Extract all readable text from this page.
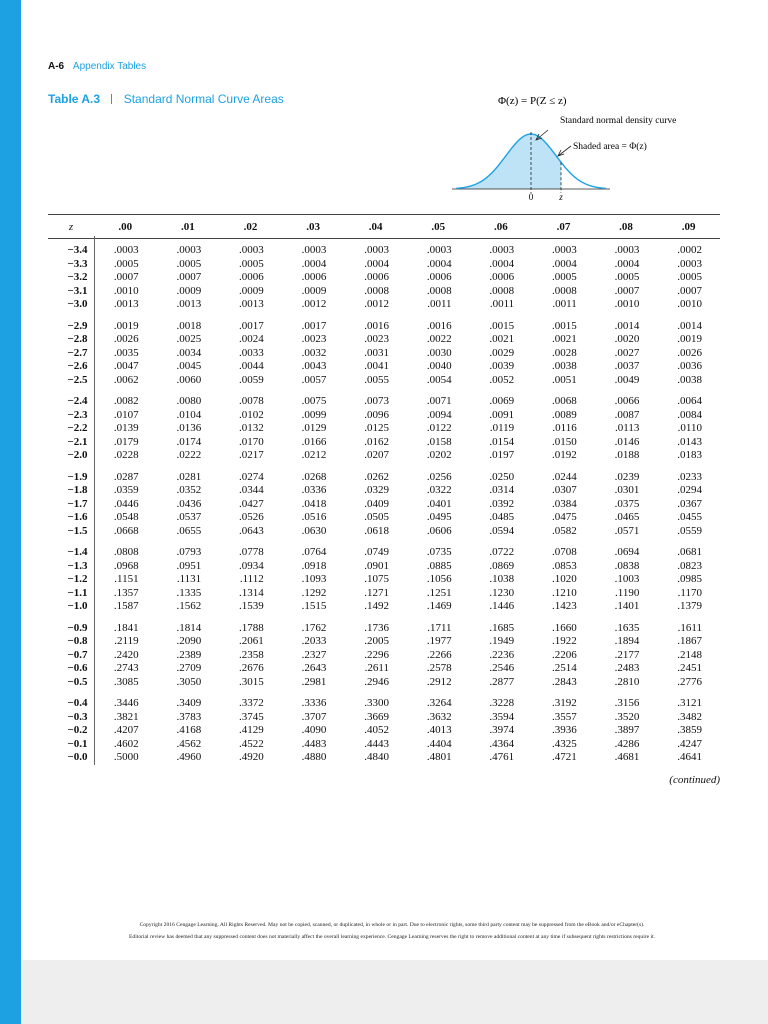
A-6 Appendix Tables
Table A.3 Standard Normal Curve Areas	Φ(z) = P(Z ≤ z)
Standard normal density curve
Shaded area = Φ(z)
0	z
z	.00	.01	.02	.03	.04	.05	.06	.07	.08	.09

−3.4	.0003	.0003	.0003	.0003	.0003	.0003	.0003	.0003	.0003	.0002
−3.3	.0005	.0005	.0005	.0004	.0004	.0004	.0004	.0004	.0004	.0003
−3.2	.0007	.0007	.0006	.0006	.0006	.0006	.0006	.0005	.0005	.0005
−3.1	.0010	.0009	.0009	.0009	.0008	.0008	.0008	.0008	.0007	.0007
−3.0	.0013	.0013	.0013	.0012	.0012	.0011	.0011	.0011	.0010	.0010

−2.9	.0019	.0018	.0017	.0017	.0016	.0016	.0015	.0015	.0014	.0014
−2.8	.0026	.0025	.0024	.0023	.0023	.0022	.0021	.0021	.0020	.0019
−2.7	.0035	.0034	.0033	.0032	.0031	.0030	.0029	.0028	.0027	.0026
−2.6	.0047	.0045	.0044	.0043	.0041	.0040	.0039	.0038	.0037	.0036
−2.5	.0062	.0060	.0059	.0057	.0055	.0054	.0052	.0051	.0049	.0038

−2.4	.0082	.0080	.0078	.0075	.0073	.0071	.0069	.0068	.0066	.0064
−2.3	.0107	.0104	.0102	.0099	.0096	.0094	.0091	.0089	.0087	.0084
−2.2	.0139	.0136	.0132	.0129	.0125	.0122	.0119	.0116	.0113	.0110
−2.1	.0179	.0174	.0170	.0166	.0162	.0158	.0154	.0150	.0146	.0143
−2.0	.0228	.0222	.0217	.0212	.0207	.0202	.0197	.0192	.0188	.0183

−1.9	.0287	.0281	.0274	.0268	.0262	.0256	.0250	.0244	.0239	.0233
−1.8	.0359	.0352	.0344	.0336	.0329	.0322	.0314	.0307	.0301	.0294
−1.7	.0446	.0436	.0427	.0418	.0409	.0401	.0392	.0384	.0375	.0367
−1.6	.0548	.0537	.0526	.0516	.0505	.0495	.0485	.0475	.0465	.0455
−1.5	.0668	.0655	.0643	.0630	.0618	.0606	.0594	.0582	.0571	.0559

−1.4	.0808	.0793	.0778	.0764	.0749	.0735	.0722	.0708	.0694	.0681
−1.3	.0968	.0951	.0934	.0918	.0901	.0885	.0869	.0853	.0838	.0823
−1.2	.1151	.1131	.1112	.1093	.1075	.1056	.1038	.1020	.1003	.0985
−1.1	.1357	.1335	.1314	.1292	.1271	.1251	.1230	.1210	.1190	.1170
−1.0	.1587	.1562	.1539	.1515	.1492	.1469	.1446	.1423	.1401	.1379

−0.9	.1841	.1814	.1788	.1762	.1736	.1711	.1685	.1660	.1635	.1611
−0.8	.2119	.2090	.2061	.2033	.2005	.1977	.1949	.1922	.1894	.1867
−0.7	.2420	.2389	.2358	.2327	.2296	.2266	.2236	.2206	.2177	.2148
−0.6	.2743	.2709	.2676	.2643	.2611	.2578	.2546	.2514	.2483	.2451
−0.5	.3085	.3050	.3015	.2981	.2946	.2912	.2877	.2843	.2810	.2776

−0.4	.3446	.3409	.3372	.3336	.3300	.3264	.3228	.3192	.3156	.3121
−0.3	.3821	.3783	.3745	.3707	.3669	.3632	.3594	.3557	.3520	.3482
−0.2	.4207	.4168	.4129	.4090	.4052	.4013	.3974	.3936	.3897	.3859
−0.1	.4602	.4562	.4522	.4483	.4443	.4404	.4364	.4325	.4286	.4247
−0.0	.5000	.4960	.4920	.4880	.4840	.4801	.4761	.4721	.4681	.4641
(continued)
Copyright 2016 Cengage Learning. All Rights Reserved. May not be copied, scanned, or duplicated, in whole or in part. Due to electronic rights, some third party content may be suppressed from the eBook and/or eChapter(s).
Editorial review has deemed that any suppressed content does not materially affect the overall learning experience. Cengage Learning reserves the right to remove additional content at any time if subsequent rights restrictions require it.
